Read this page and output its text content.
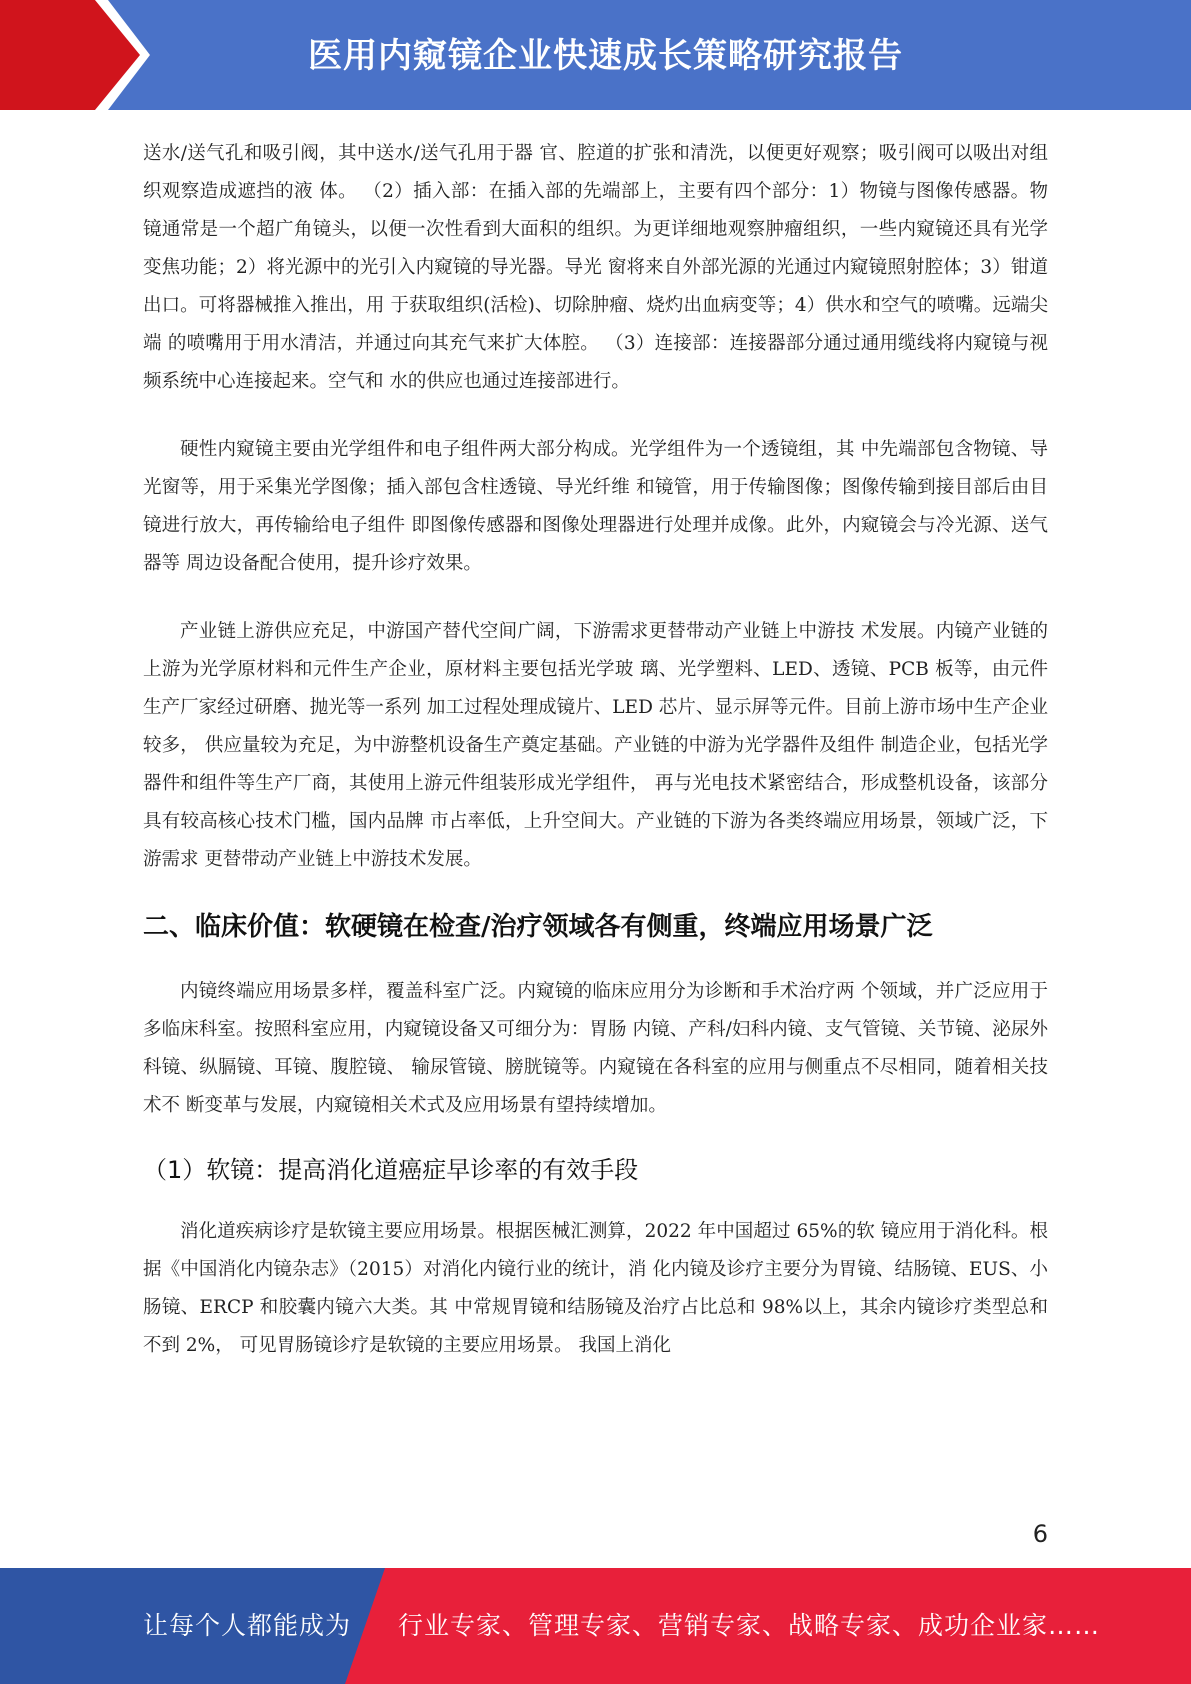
医用内窥镜企业快速成长策略研究报告

送水/送气孔和吸引阀，其中送水/送气孔用于器 官、腔道的扩张和清洗，以便更好观察；吸引阀可以吸出对组织观察造成遮挡的液 体。 （2）插入部：在插入部的先端部上，主要有四个部分：1）物镜与图像传感器。物 镜通常是一个超广角镜头，以便一次性看到大面积的组织。为更详细地观察肿瘤组织，一些内窥镜还具有光学变焦功能；2）将光源中的光引入内窥镜的导光器。导光 窗将来自外部光源的光通过内窥镜照射腔体；3）钳道出口。可将器械推入推出，用 于获取组织(活检)、切除肿瘤、烧灼出血病变等；4）供水和空气的喷嘴。远端尖端 的喷嘴用于用水清洁，并通过向其充气来扩大体腔。 （3）连接部：连接器部分通过通用缆线将内窥镜与视频系统中心连接起来。空气和 水的供应也通过连接部进行。

硬性内窥镜主要由光学组件和电子组件两大部分构成。光学组件为一个透镜组，其 中先端部包含物镜、导光窗等，用于采集光学图像；插入部包含柱透镜、导光纤维 和镜管，用于传输图像；图像传输到接目部后由目镜进行放大，再传输给电子组件 即图像传感器和图像处理器进行处理并成像。此外，内窥镜会与冷光源、送气器等 周边设备配合使用，提升诊疗效果。

产业链上游供应充足，中游国产替代空间广阔，下游需求更替带动产业链上中游技 术发展。内镜产业链的上游为光学原材料和元件生产企业，原材料主要包括光学玻 璃、光学塑料、LED、透镜、PCB 板等，由元件生产厂家经过研磨、抛光等一系列 加工过程处理成镜片、LED 芯片、显示屏等元件。目前上游市场中生产企业较多， 供应量较为充足，为中游整机设备生产奠定基础。产业链的中游为光学器件及组件 制造企业，包括光学器件和组件等生产厂商，其使用上游元件组装形成光学组件， 再与光电技术紧密结合，形成整机设备，该部分具有较高核心技术门槛，国内品牌 市占率低，上升空间大。产业链的下游为各类终端应用场景，领域广泛，下游需求 更替带动产业链上中游技术发展。

二、临床价值：软硬镜在检查/治疗领域各有侧重，终端应用场景广泛

内镜终端应用场景多样，覆盖科室广泛。内窥镜的临床应用分为诊断和手术治疗两 个领域，并广泛应用于多临床科室。按照科室应用，内窥镜设备又可细分为：胃肠 内镜、产科/妇科内镜、支气管镜、关节镜、泌尿外科镜、纵膈镜、耳镜、腹腔镜、 输尿管镜、膀胱镜等。内窥镜在各科室的应用与侧重点不尽相同，随着相关技术不 断变革与发展，内窥镜相关术式及应用场景有望持续增加。

（1）软镜：提高消化道癌症早诊率的有效手段

消化道疾病诊疗是软镜主要应用场景。根据医械汇测算，2022 年中国超过 65%的软 镜应用于消化科。根据《中国消化内镜杂志》（2015）对消化内镜行业的统计，消 化内镜及诊疗主要分为胃镜、结肠镜、EUS、小肠镜、ERCP 和胶囊内镜六大类。其 中常规胃镜和结肠镜及治疗占比总和 98%以上，其余内镜诊疗类型总和不到 2%， 可见胃肠镜诊疗是软镜的主要应用场景。 我国上消化

6
让每个人都能成为 行业专家、管理专家、营销专家、战略专家、成功企业家……
